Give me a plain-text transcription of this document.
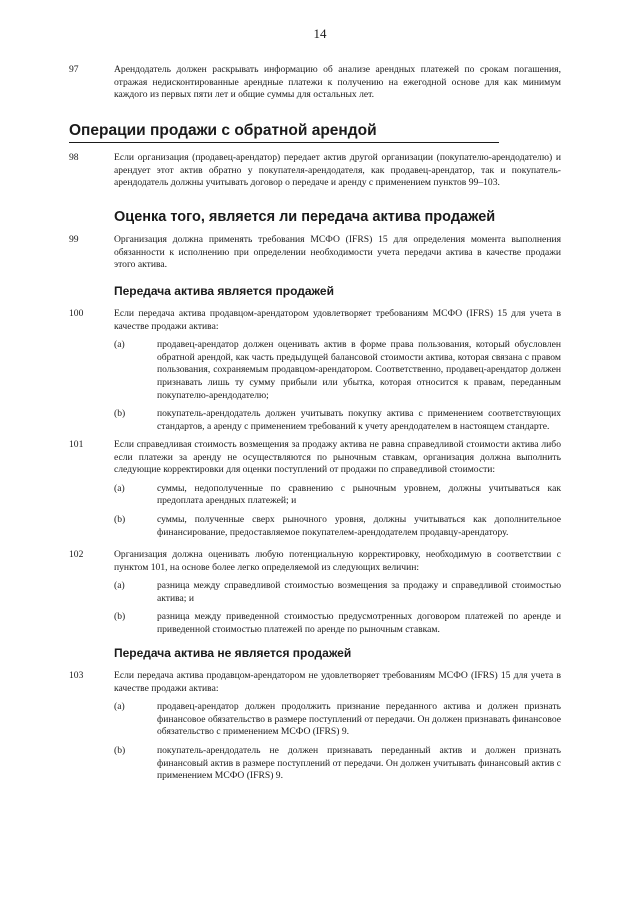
14
97	Арендодатель должен раскрывать информацию об анализе арендных платежей по срокам погашения, отражая недисконтированные арендные платежи к получению на ежегодной основе для как минимум каждого из первых пяти лет и общие суммы для остальных лет.
Операции продажи с обратной арендой
98	Если организация (продавец-арендатор) передает актив другой организации (покупателю-арендодателю) и арендует этот актив обратно у покупателя-арендодателя, как продавец-арендатор, так и покупатель-арендодатель должны учитывать договор о передаче и аренду с применением пунктов 99–103.
Оценка того, является ли передача актива продажей
99	Организация должна применять требования МСФО (IFRS) 15 для определения момента выполнения обязанности к исполнению при определении необходимости учета передачи актива в качестве продажи этого актива.
Передача актива является продажей
100	Если передача актива продавцом-арендатором удовлетворяет требованиям МСФО (IFRS) 15 для учета в качестве продажи актива:
(a)	продавец-арендатор должен оценивать актив в форме права пользования, который обусловлен обратной арендой, как часть предыдущей балансовой стоимости актива, которая связана с правом пользования, сохраняемым продавцом-арендатором. Соответственно, продавец-арендатор должен признавать лишь ту сумму прибыли или убытка, которая относится к правам, переданным покупателю-арендодателю;
(b)	покупатель-арендодатель должен учитывать покупку актива с применением соответствующих стандартов, а аренду с применением требований к учету арендодателем в настоящем стандарте.
101	Если справедливая стоимость возмещения за продажу актива не равна справедливой стоимости актива либо если платежи за аренду не осуществляются по рыночным ставкам, организация должна выполнить следующие корректировки для оценки поступлений от продажи по справедливой стоимости:
(a)	суммы, недополученные по сравнению с рыночным уровнем, должны учитываться как предоплата арендных платежей; и
(b)	суммы, полученные сверх рыночного уровня, должны учитываться как дополнительное финансирование, предоставляемое покупателем-арендодателем продавцу-арендатору.
102	Организация должна оценивать любую потенциальную корректировку, необходимую в соответствии с пунктом 101, на основе более легко определяемой из следующих величин:
(a)	разница между справедливой стоимостью возмещения за продажу и справедливой стоимостью актива; и
(b)	разница между приведенной стоимостью предусмотренных договором платежей по аренде и приведенной стоимостью платежей по аренде по рыночным ставкам.
Передача актива не является продажей
103	Если передача актива продавцом-арендатором не удовлетворяет требованиям МСФО (IFRS) 15 для учета в качестве продажи актива:
(a)	продавец-арендатор должен продолжить признание переданного актива и должен признать финансовое обязательство в размере поступлений от передачи. Он должен признавать финансовое обязательство с применением МСФО (IFRS) 9.
(b)	покупатель-арендодатель не должен признавать переданный актив и должен признать финансовый актив в размере поступлений от передачи. Он должен учитывать финансовый актив с применением МСФО (IFRS) 9.
